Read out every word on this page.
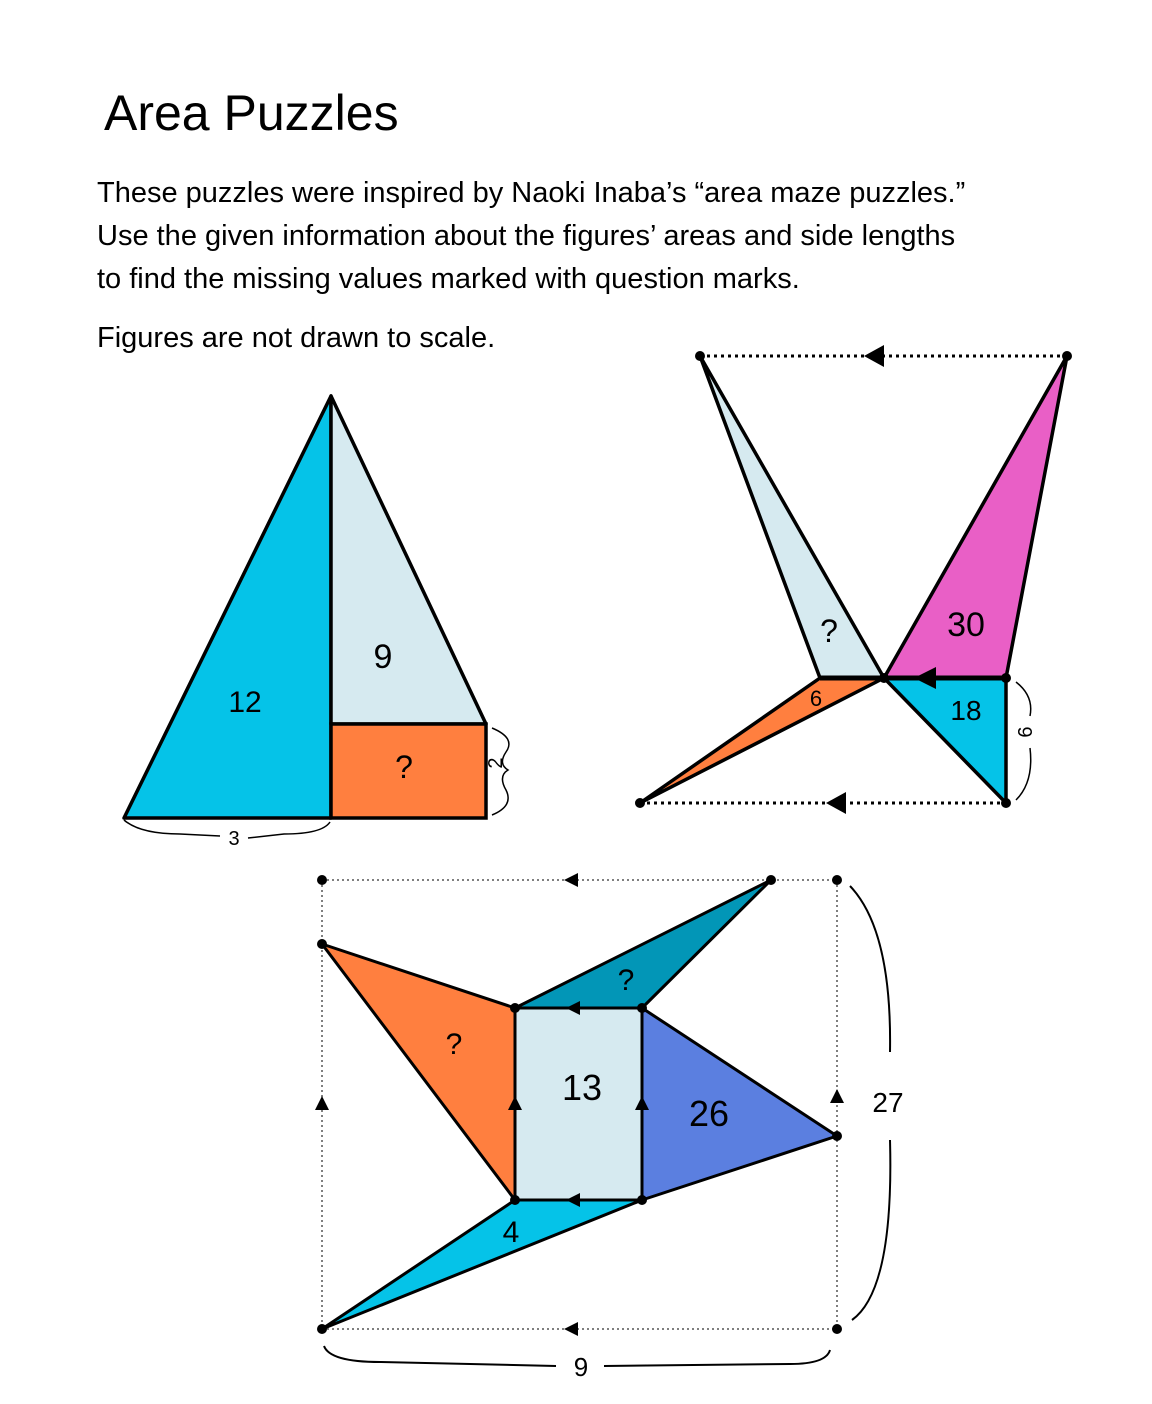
Area Puzzles
These puzzles were inspired by Naoki Inaba’s “area maze puzzles.”
Use the given information about the figures’ areas and side lengths
to find the missing values marked with question marks.
Figures are not drawn to scale.
12
9
?	2
3
?
6
30
18
6
?
?
13
26
4
27
9
